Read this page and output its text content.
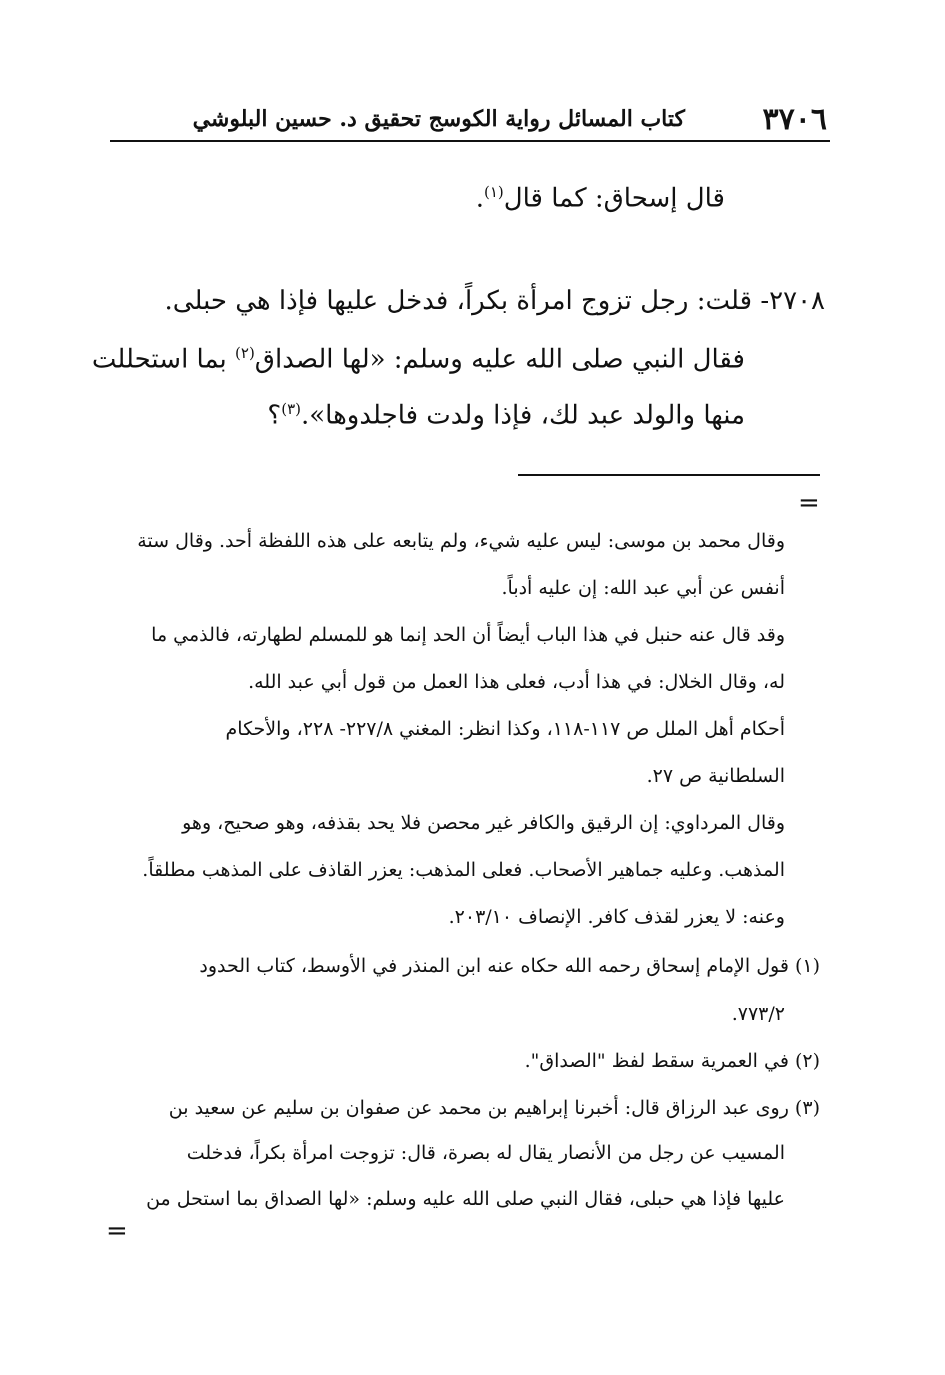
٣٧٠٦
كتاب المسائل رواية الكوسج تحقيق د. حسين البلوشي
قال إسحاق: كما قال$^{(١)}$.
٢٧٠٨- قلت: رجل تزوج امرأة بكراً، فدخل عليها فإذا هي حبلى.
فقال النبي صلى الله عليه وسلم: «لها الصداق$^{(٢)}$ بما استحللت
منها والولد عبد لك، فإذا ولدت فاجلدوها».$^{(٣)}$؟
=
وقال محمد بن موسى: ليس عليه شيء، ولم يتابعه على هذه اللفظة أحد. وقال ستة
أنفس عن أبي عبد الله: إن عليه أدباً.
وقد قال عنه حنبل في هذا الباب أيضاً أن الحد إنما هو للمسلم لطهارته، فالذمي ما
له، وقال الخلال: في هذا أدب، فعلى هذا العمل من قول أبي عبد الله.
أحكام أهل الملل ص ١١٧-١١٨، وكذا انظر: المغني ٢٢٧/٨- ٢٢٨، والأحكام
السلطانية ص ٢٧.
وقال المرداوي: إن الرقيق والكافر غير محصن فلا يحد بقذفه، وهو صحيح، وهو
المذهب. وعليه جماهير الأصحاب. فعلى المذهب: يعزر القاذف على المذهب مطلقاً.
وعنه: لا يعزر لقذف كافر. الإنصاف ٢٠٣/١٠.
(١) قول الإمام إسحاق رحمه الله حكاه عنه ابن المنذر في الأوسط، كتاب الحدود
٧٧٣/٢.
(٢) في العمرية سقط لفظ "الصداق".
(٣) روى عبد الرزاق قال: أخبرنا إبراهيم بن محمد عن صفوان بن سليم عن سعيد بن
المسيب عن رجل من الأنصار يقال له بصرة، قال: تزوجت امرأة بكراً، فدخلت
عليها فإذا هي حبلى، فقال النبي صلى الله عليه وسلم: «لها الصداق بما استحل من
=
